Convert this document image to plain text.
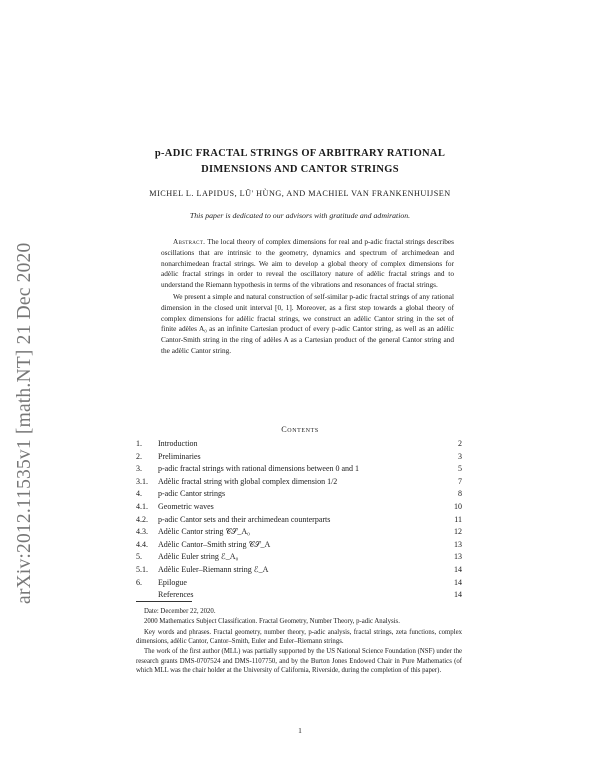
arXiv:2012.11535v1 [math.NT] 21 Dec 2020
p-ADIC FRACTAL STRINGS OF ARBITRARY RATIONAL
DIMENSIONS AND CANTOR STRINGS
MICHEL L. LAPIDUS, LŨ' HÙNG, AND MACHIEL VAN FRANKENHUIJSEN
This paper is dedicated to our advisors with gratitude and admiration.

Abstract. The local theory of complex dimensions for real and p-adic fractal strings describes oscillations that are intrinsic to the geometry, dynamics and spectrum of archimedean and nonarchimedean fractal strings. We aim to develop a global theory of complex dimensions for adèlic fractal strings in order to reveal the oscillatory nature of adèlic fractal strings and to understand the Riemann hypothesis in terms of the vibrations and resonances of fractal strings.

We present a simple and natural construction of self-similar p-adic fractal strings of any rational dimension in the closed unit interval [0, 1]. Moreover, as a first step towards a global theory of complex dimensions for adèlic fractal strings, we construct an adèlic Cantor string in the set of finite adèles A₀ as an infinite Cartesian product of every p-adic Cantor string, as well as an adèlic Cantor-Smith string in the ring of adèles A as a Cartesian product of the general Cantor string and the adèlic Cantor string.

Contents
1. Introduction	2
2. Preliminaries	3
3. p-adic fractal strings with rational dimensions between 0 and 1	5
3.1. Adèlic fractal string with global complex dimension 1/2	7
4. p-adic Cantor strings	8
4.1. Geometric waves	10
4.2. p-adic Cantor sets and their archimedean counterparts	11
4.3. Adèlic Cantor string 𝒞𝒮_A₀	12
4.4. Adèlic Cantor–Smith string 𝒞𝒮_A	13
5. Adèlic Euler string ℰ_A₀	13
5.1. Adèlic Euler–Riemann string ℰ_A	14
6. Epilogue	14
References	14

Date: December 22, 2020.

2000 Mathematics Subject Classification. Fractal Geometry, Number Theory, p-adic Analysis.

Key words and phrases. Fractal geometry, number theory, p-adic analysis, fractal strings, zeta functions, complex dimensions, adèlic Cantor, Cantor–Smith, Euler and Euler–Riemann strings.

The work of the first author (MLL) was partially supported by the US National Science Foundation (NSF) under the research grants DMS-0707524 and DMS-1107750, and by the Burton Jones Endowed Chair in Pure Mathematics (of which MLL was the chair holder at the University of California, Riverside, during the completion of this paper).

1
